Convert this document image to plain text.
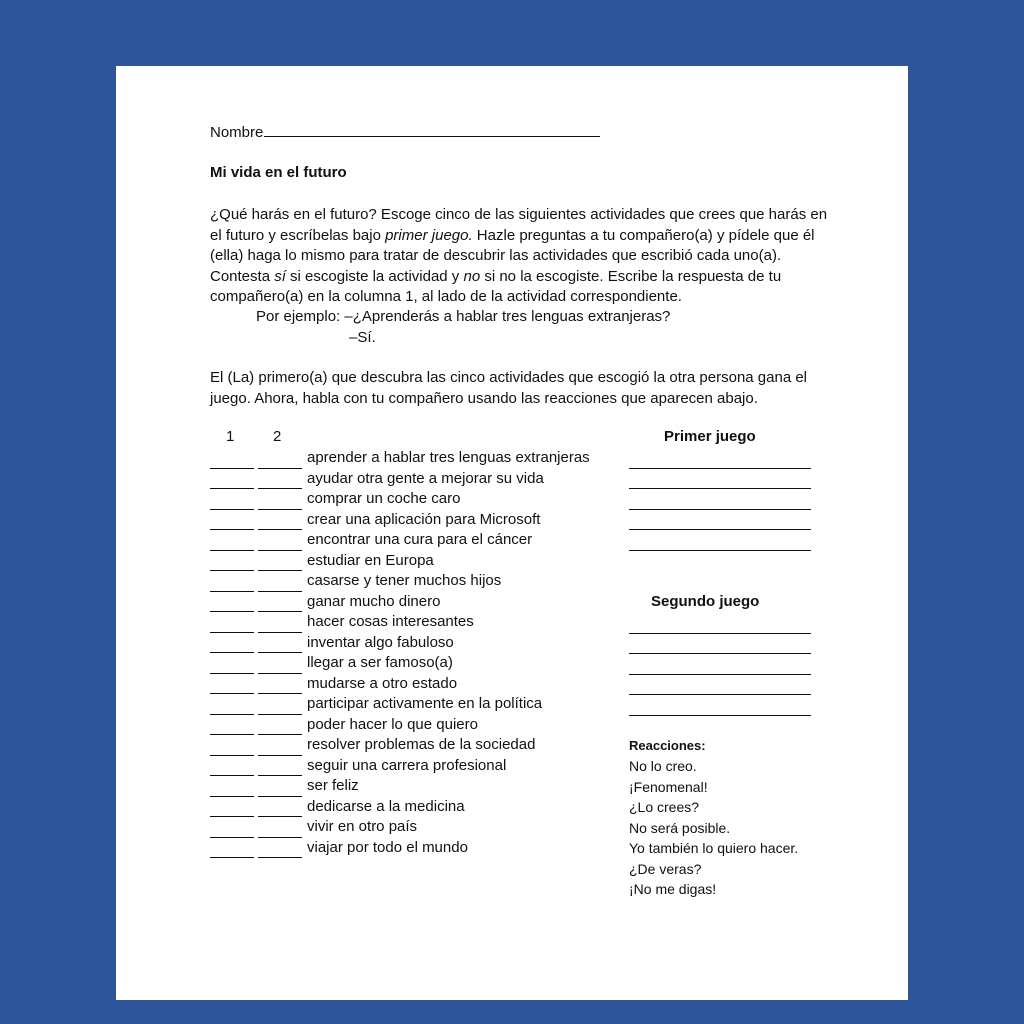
Nombre
Mi vida en el futuro
¿Qué harás en el futuro? Escoge cinco de las siguientes actividades que crees que harás en el futuro y escríbelas bajo primer juego. Hazle preguntas a tu compañero(a) y pídele que él (ella) haga lo mismo para tratar de descubrir las actividades que escribió cada uno(a). Contesta sí si escogiste la actividad y no si no la escogiste. Escribe la respuesta de tu compañero(a) en la columna 1, al lado de la actividad correspondiente.
Por ejemplo: –¿Aprenderás a hablar tres lenguas extranjeras?
–Sí.
El (La) primero(a) que descubra las cinco actividades que escogió la otra persona gana el juego. Ahora, habla con tu compañero usando las reacciones que aparecen abajo.
1	2
aprender a hablar tres lenguas extranjeras
ayudar otra gente a mejorar su vida
comprar un coche caro
crear una aplicación para Microsoft
encontrar una cura para el cáncer
estudiar en Europa
casarse y tener muchos hijos
ganar mucho dinero
hacer cosas interesantes
inventar algo fabuloso
llegar a ser famoso(a)
mudarse a otro estado
participar activamente en la política
poder hacer lo que quiero
resolver problemas de la sociedad
seguir una carrera profesional
ser feliz
dedicarse a la medicina
vivir en otro país
viajar por todo el mundo
Primer juego
Segundo juego
Reacciones:
No lo creo.
¡Fenomenal!
¿Lo crees?
No será posible.
Yo también lo quiero hacer.
¿De veras?
¡No me digas!
